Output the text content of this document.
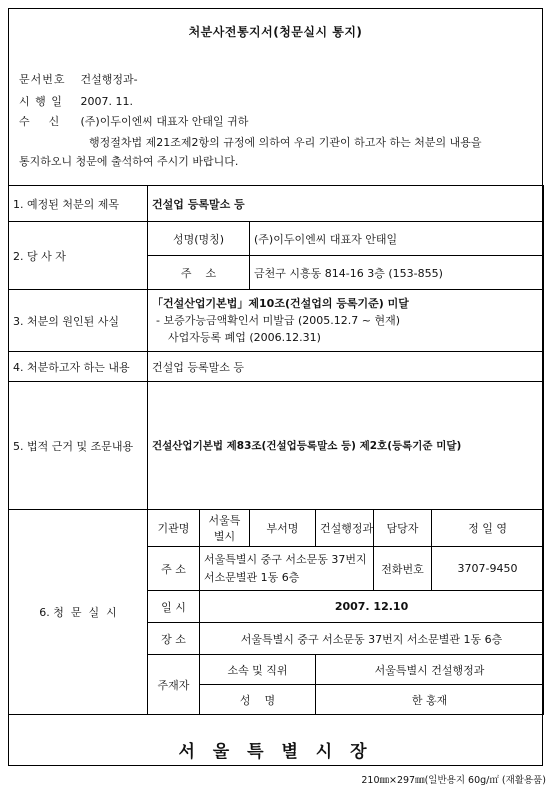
처분사전통지서(청문실시 통지)
문서번호 건설행정과-
시 행 일 2007. 11.
수    신 (주)이두이엔씨 대표자 안태일 귀하
행정절차법 제21조제2항의 규정에 의하여 우리 기관이 하고자 하는 처분의 내용을
통지하오니 청문에 출석하여 주시기 바랍니다.
1. 예정된 처분의 제목	건설업 등록말소 등					
2. 당 사 자	성명(명칭)		(주)이두이엔씨 대표자 안태일			
	주    소		금천구 시흥동 814-16 3층 (153-855)			
3. 처분의 원인된 사실	「건설산업기본법」제10조(건설업의 등록기준) 미달
- 보증가능금액확인서 미발급 (2005.12.7 ~ 현재)
사업자등록 폐업 (2006.12.31)					

4. 처분하고자 하는 내용	건설업 등록말소 등					
5. 법적 근거 및 조문내용	건설산업기본법 제83조(건설업등록말소 등) 제2호(등록기준 미달)					
6. 청  문  실  시	기관명	서울특별시	부서명	건설행정과	담당자	정 일 영
	주 소	서울특별시 중구 서소문동 37번지
서소문별관 1동 6층			전화번호	3707-9450
	일 시	2007. 12.10				
	장 소	서울특별시 중구 서소문동 37번지 서소문별관 1동 6층				
	주재자	소속 및 직위		서울특별시 건설행정과		
		성    명		한 홍재		
서 울 특 별 시 장
210㎜×297㎜(일반용지 60g/㎡ (재활용품)
